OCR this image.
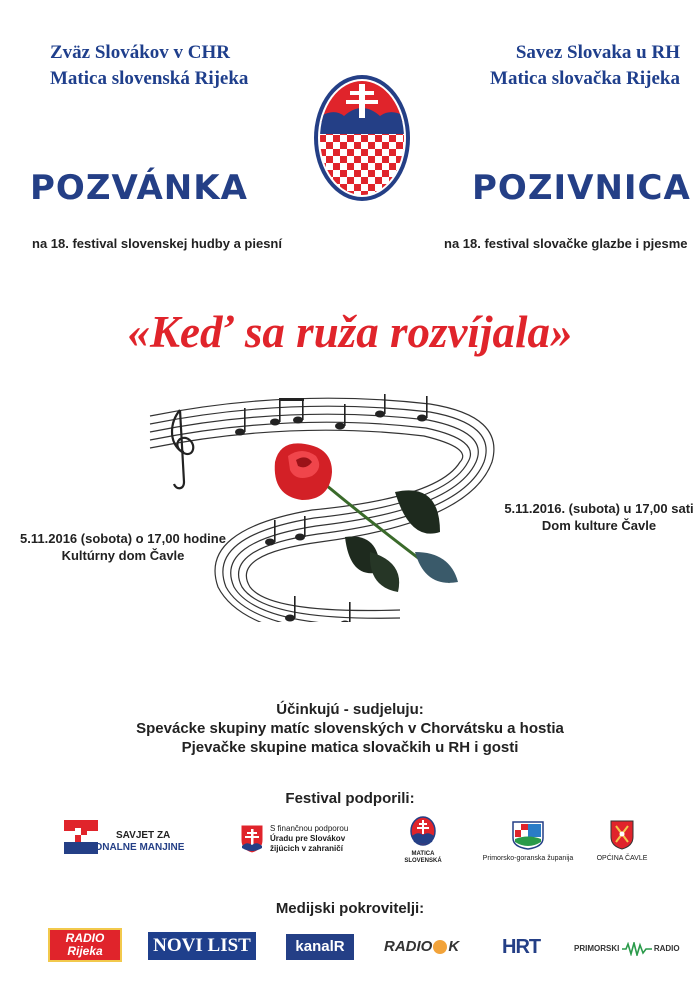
Zväz Slovákov v CHR
Matica slovenská Rijeka
Savez Slovaka u RH
Matica slovačka Rijeka
POZVÁNKA	POZIVNICA
na 18. festival slovenskej hudby a piesní	na 18. festival slovačke glazbe i pjesme
«Keď sa ruža rozvíjala»
5.11.2016 (sobota) o 17,00 hodine
Kultúrny dom Čavle
5.11.2016. (subota) u 17,00 sati
Dom kulture Čavle
Účinkujú - sudjeluju:
Spevácke skupiny matíc slovenských v Chorvátsku a hostia
Pjevačke skupine matica slovačkih u RH i gosti
Festival podporili:
SAVJET ZA
NACIONALNE MANJINE
S finančnou podporou
Úradu pre Slovákov
žijúcich v zahraničí
MATICA
SLOVENSKÁ	Primorsko-goranska županija	OPĆINA ČAVLE
Medijski pokrovitelji:
RADIO
Rijeka	NOVI LIST	kanalR	RADIO K HRT	PRIMORSKI	RADIO
